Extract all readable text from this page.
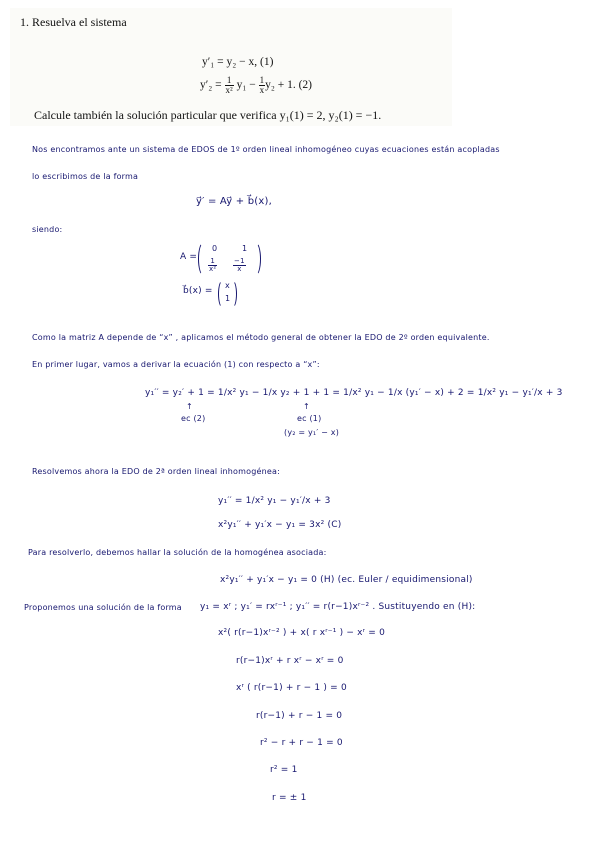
1. Resuelva el sistema
y′₁ = y₂ − x, (1)
$y'_2 = \frac{1}{\text{x²}} y_1 - \frac{1}{x} y_2 + 1$. (2)
Calcule también la solución particular que verifica y₁(1) = 2, y₂(1) = −1.
Nos encontramos ante un sistema de EDOS de 1º orden lineal inhomogéneo cuyas ecuaciones están acopladas
lo escribimos de la forma
y⃗′ = Ay⃗ + b⃗(x),
siendo:
A =
0	1
$\frac{1}{\text{x²}} \frac{-1}{x}$
b⃗(x) =
x
1
Como la matriz A depende de “x” , aplicamos el método general de obtener la EDO de 2º orden equivalente.
En primer lugar, vamos a derivar la ecuación (1) con respecto a “x”:
y₁′′ = y₂′ + 1 = 1/x² y₁ − 1/x y₂ + 1 + 1 = 1/x² y₁ − 1/x (y₁′ − x) + 2 = 1/x² y₁ − y₁′/x + 3
↑
ec (2)
↑
ec (1)
(y₂ = y₁′ − x)
Resolvemos ahora la EDO de 2ª orden lineal inhomogénea:
y₁′′ = 1/x² y₁ − y₁′/x + 3
x²y₁′′ + y₁′x − y₁ = 3x² (C)
Para resolverlo, debemos hallar la solución de la homogénea asociada:
x²y₁′′ + y₁′x − y₁ = 0 (H) (ec. Euler / equidimensional)
Proponemos una solución de la forma y₁ = xʳ ; y₁′ = rxʳ⁻¹ ; y₁′′ = r(r−1)xʳ⁻² . Sustituyendo en (H):
x²( r(r−1)xʳ⁻² ) + x( r xʳ⁻¹ ) − xʳ = 0
r(r−1)xʳ + r xʳ − xʳ = 0
xʳ ( r(r−1) + r − 1 ) = 0
r(r−1) + r − 1 = 0
r² − r + r − 1 = 0
r² = 1
r = ± 1
